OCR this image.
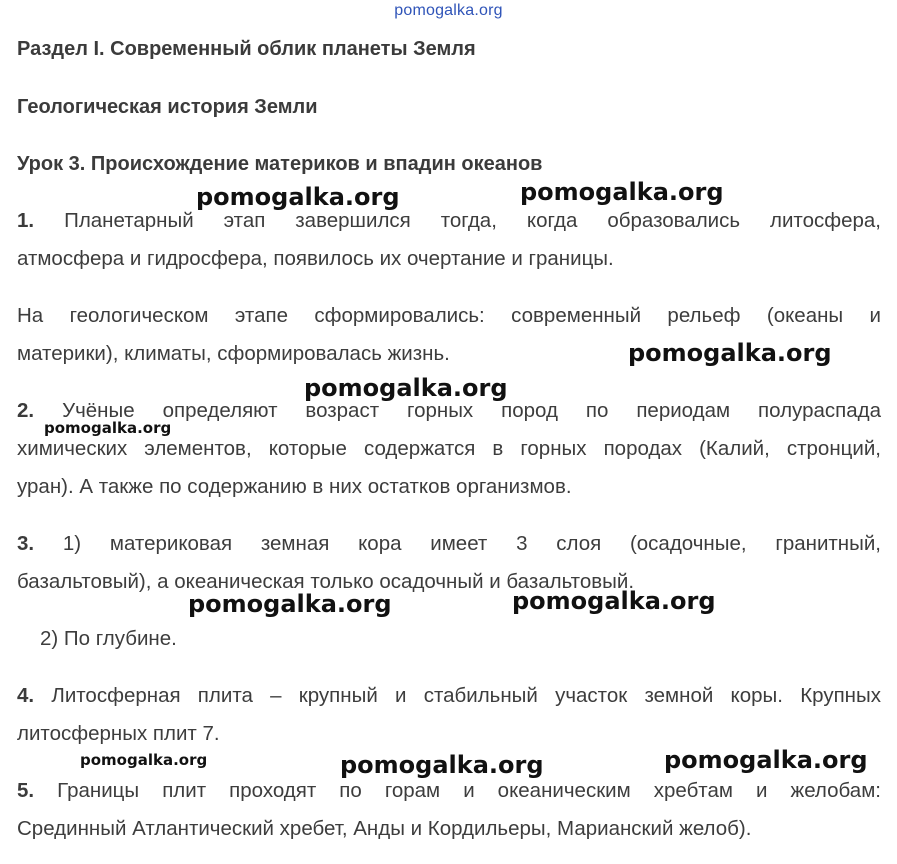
pomogalka.org
Раздел I. Современный облик планеты Земля
Геологическая история Земли
Урок 3. Происхождение материков и впадин океанов
1. Планетарный этап завершился тогда, когда образовались литосфера,
атмосфера и гидросфера, появилось их очертание и границы.
На геологическом этапе сформировались: современный рельеф (океаны и
материки), климаты, сформировалась жизнь.
2. Учёные определяют возраст горных пород по периодам полураспада
химических элементов, которые содержатся в горных породах (Калий, стронций,
уран). А также по содержанию в них остатков организмов.
3. 1) материковая земная кора имеет 3 слоя (осадочные, гранитный,
базальтовый), а океаническая только осадочный и базальтовый.
2) По глубине.
4. Литосферная плита – крупный и стабильный участок земной коры. Крупных
литосферных плит 7.
5. Границы плит проходят по горам и океаническим хребтам и желобам:
Срединный Атлантический хребет, Анды и Кордильеры, Марианский желоб).
pomogalka.org	pomogalka.org
pomogalka.org
pomogalka.org
pomogalka.org
pomogalka.org	pomogalka.org
pomogalka.org	pomogalka.org	pomogalka.org
